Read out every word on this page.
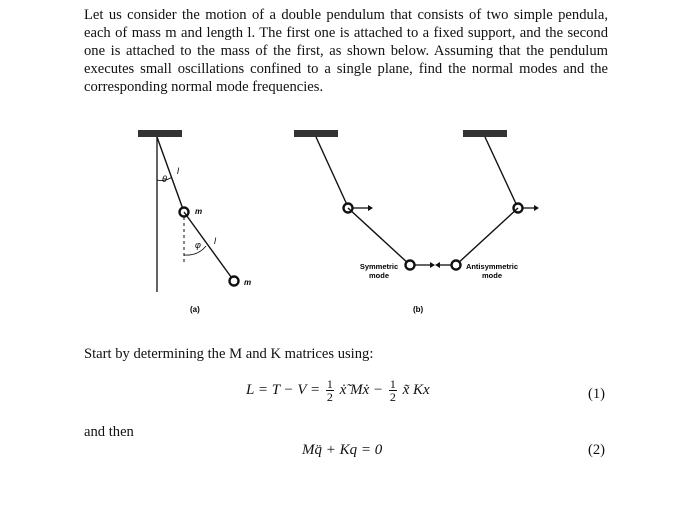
Let us consider the motion of a double pendulum that consists of two simple pendula, each of mass m and length l. The first one is attached to a fixed support, and the second one is attached to the mass of the first, as shown below. Assuming that the pendulum executes small oscillations confined to a single plane, find the normal modes and the corresponding normal mode frequencies.
θ
l
m
φ l
m
(a)
Symmetric
mode
Antisymmetric
mode
(b)
Start by determining the M and K matrices using:
$L = T - V = \frac{1}{2}$ ẋ̃ Mẋ − $\frac{1}{2}$ x̃ Kx	(1)
and then
Mq̈ + Kq = 0	(2)
